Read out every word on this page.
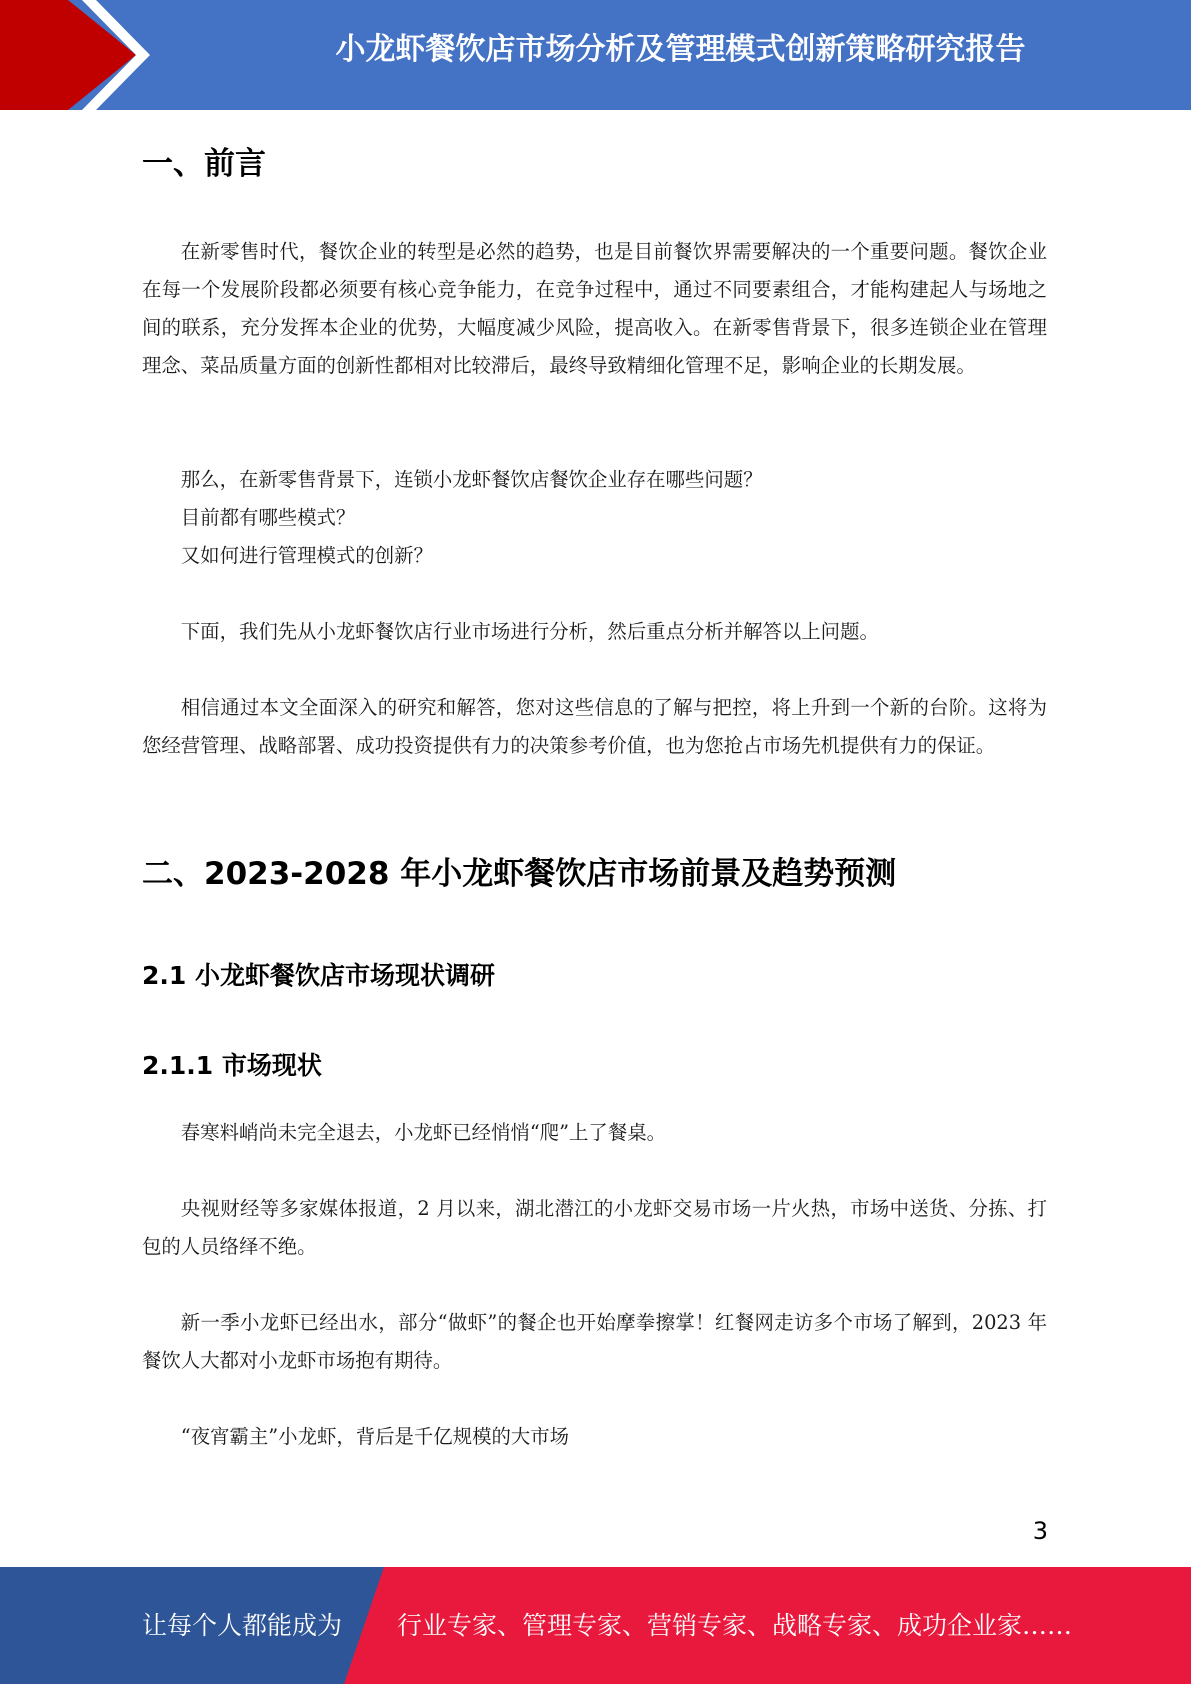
小龙虾餐饮店市场分析及管理模式创新策略研究报告
一、前言

在新零售时代，餐饮企业的转型是必然的趋势，也是目前餐饮界需要解决的一个重要问题。餐饮企业在每一个发展阶段都必须要有核心竞争能力，在竞争过程中，通过不同要素组合，才能构建起人与场地之间的联系，充分发挥本企业的优势，大幅度减少风险，提高收入。在新零售背景下，很多连锁企业在管理理念、菜品质量方面的创新性都相对比较滞后，最终导致精细化管理不足，影响企业的长期发展。

那么，在新零售背景下，连锁小龙虾餐饮店餐饮企业存在哪些问题？

目前都有哪些模式？

又如何进行管理模式的创新？

下面，我们先从小龙虾餐饮店行业市场进行分析，然后重点分析并解答以上问题。

相信通过本文全面深入的研究和解答，您对这些信息的了解与把控，将上升到一个新的台阶。这将为您经营管理、战略部署、成功投资提供有力的决策参考价值，也为您抢占市场先机提供有力的保证。

二、2023-2028 年小龙虾餐饮店市场前景及趋势预测
2.1 小龙虾餐饮店市场现状调研
2.1.1 市场现状

春寒料峭尚未完全退去，小龙虾已经悄悄“爬”上了餐桌。

央视财经等多家媒体报道，2 月以来，湖北潜江的小龙虾交易市场一片火热，市场中送货、分拣、打包的人员络绎不绝。

新一季小龙虾已经出水，部分“做虾”的餐企也开始摩拳擦掌！红餐网走访多个市场了解到，2023 年餐饮人大都对小龙虾市场抱有期待。

“夜宵霸主”小龙虾，背后是千亿规模的大市场

3
让每个人都能成为 行业专家、管理专家、营销专家、战略专家、成功企业家……
